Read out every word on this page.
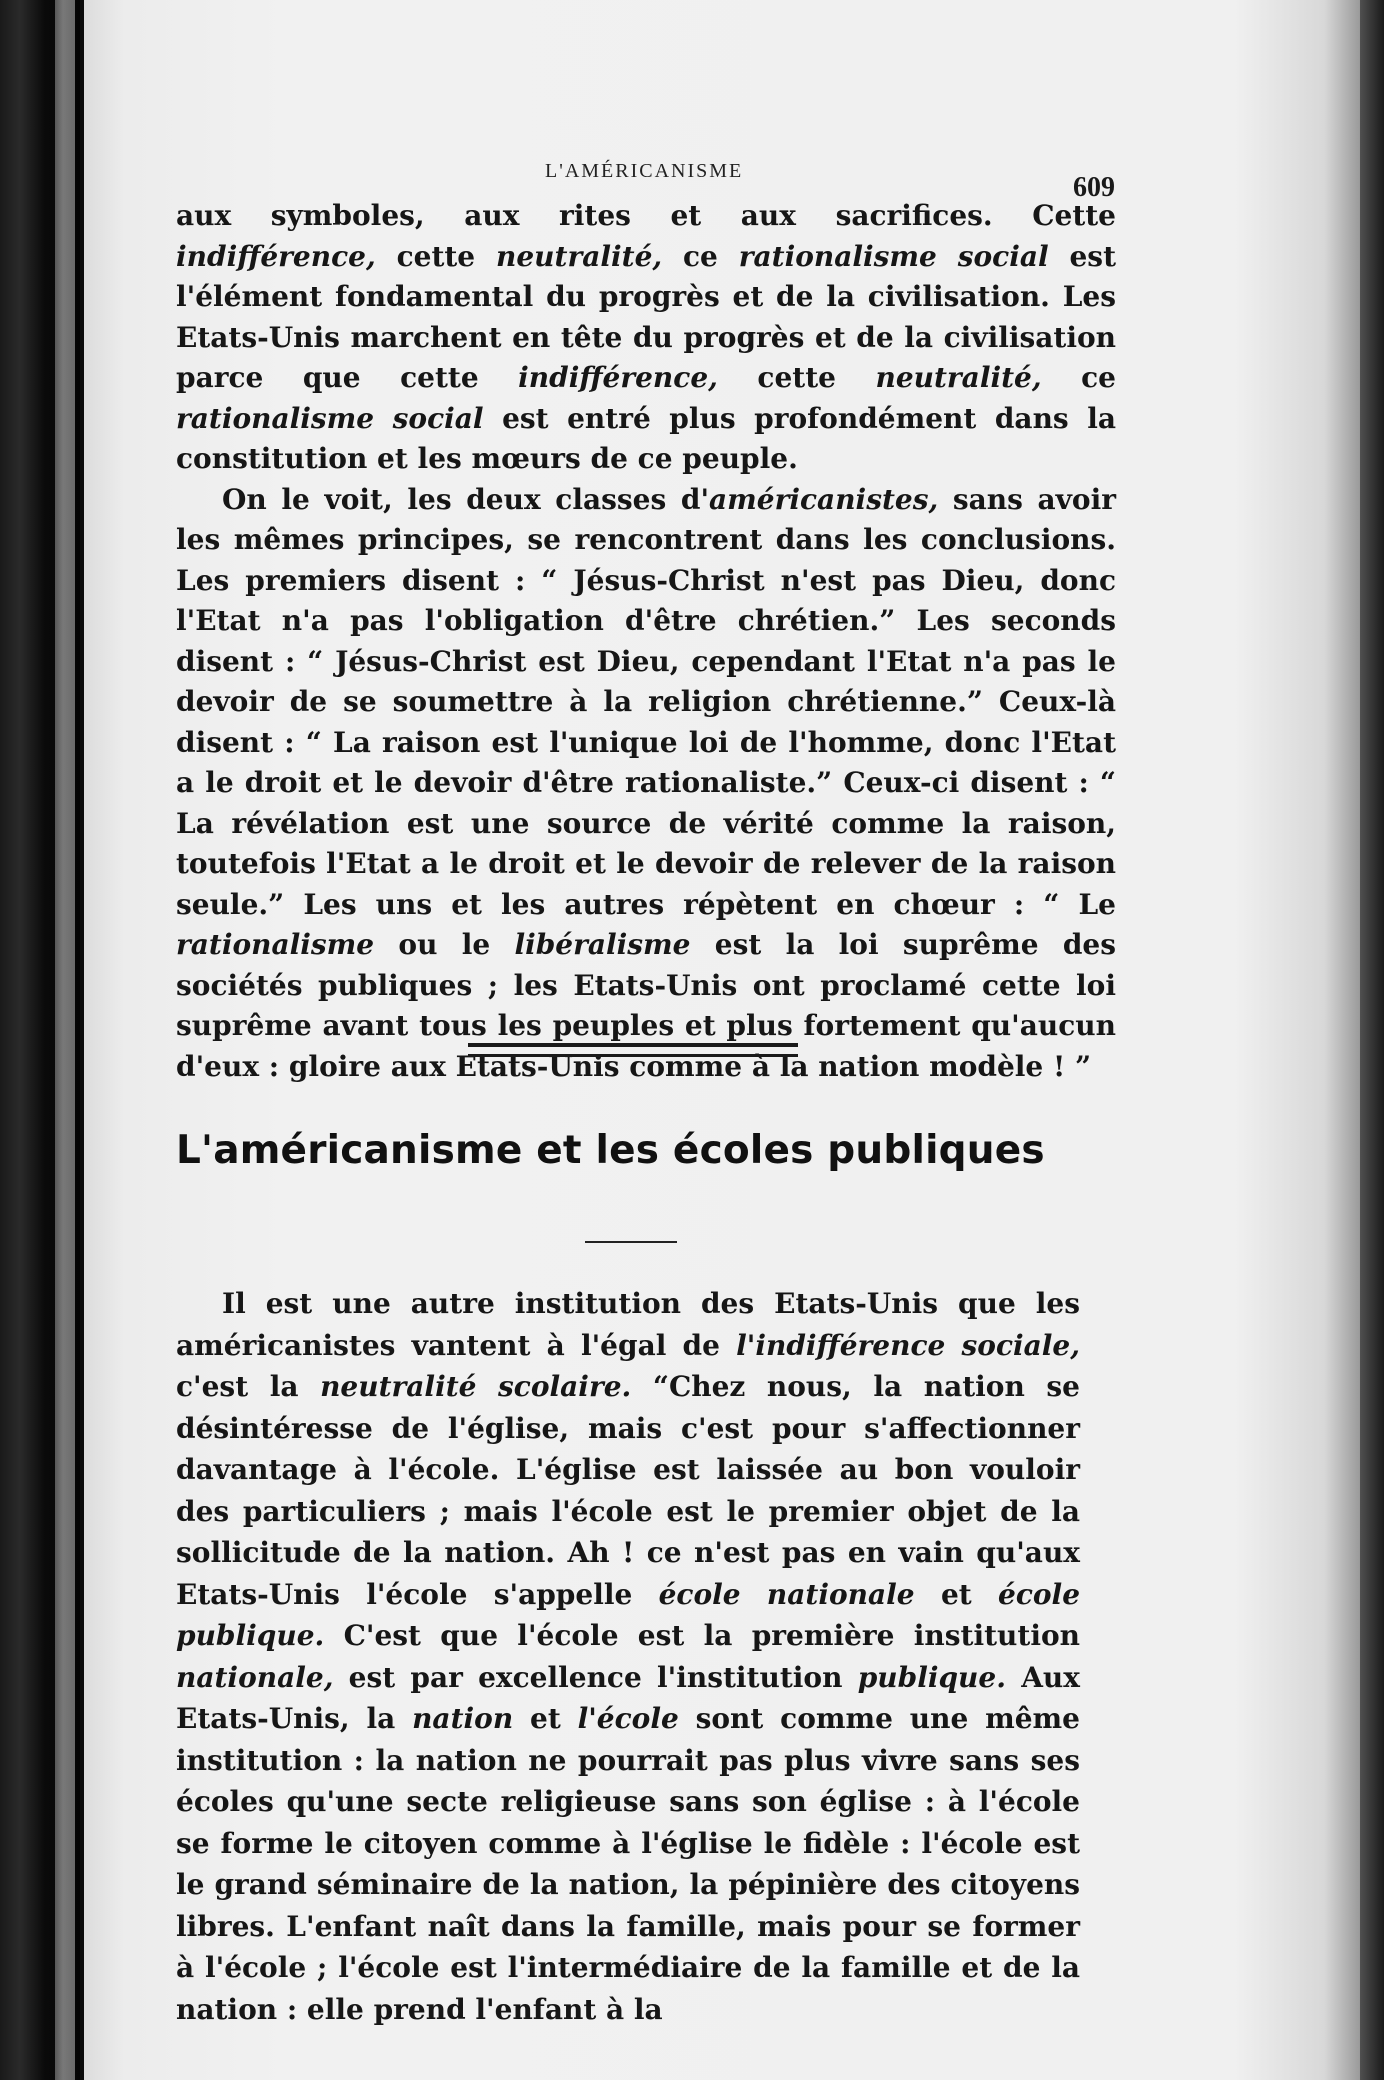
L'AMÉRICANISME
609

aux symboles, aux rites et aux sacrifices. Cette indifférence, cette neutralité, ce rationalisme social est l'élément fondamental du progrès et de la civilisation. Les Etats-Unis marchent en tête du progrès et de la civilisation parce que cette indifférence, cette neutralité, ce rationalisme social est entré plus profondément dans la constitution et les mœurs de ce peuple.

On le voit, les deux classes d'américanistes, sans avoir les mêmes principes, se rencontrent dans les conclusions. Les premiers disent : “ Jésus-Christ n'est pas Dieu, donc l'Etat n'a pas l'obligation d'être chrétien.” Les seconds disent : “ Jésus-Christ est Dieu, cependant l'Etat n'a pas le devoir de se soumettre à la religion chrétienne.” Ceux-là disent : “ La raison est l'unique loi de l'homme, donc l'Etat a le droit et le devoir d'être rationaliste.” Ceux-ci disent : “ La révélation est une source de vérité comme la raison, toutefois l'Etat a le droit et le devoir de relever de la raison seule.” Les uns et les autres répètent en chœur : “ Le rationalisme ou le libéralisme est la loi suprême des sociétés publiques ; les Etats-Unis ont proclamé cette loi suprême avant tous les peuples et plus fortement qu'aucun d'eux : gloire aux Etats-Unis comme à la nation modèle ! ”

L'américanisme et les écoles publiques

Il est une autre institution des Etats-Unis que les américanistes vantent à l'égal de l'indifférence sociale, c'est la neutralité scolaire. “Chez nous, la nation se désintéresse de l'église, mais c'est pour s'affectionner davantage à l'école. L'église est laissée au bon vouloir des particuliers ; mais l'école est le premier objet de la sollicitude de la nation. Ah ! ce n'est pas en vain qu'aux Etats-Unis l'école s'appelle école nationale et école publique. C'est que l'école est la première institution nationale, est par excellence l'institution publique. Aux Etats-Unis, la nation et l'école sont comme une même institution : la nation ne pourrait pas plus vivre sans ses écoles qu'une secte religieuse sans son église : à l'école se forme le citoyen comme à l'église le fidèle : l'école est le grand séminaire de la nation, la pépinière des citoyens libres. L'enfant naît dans la famille, mais pour se former à l'école ; l'école est l'intermédiaire de la famille et de la nation : elle prend l'enfant à la
